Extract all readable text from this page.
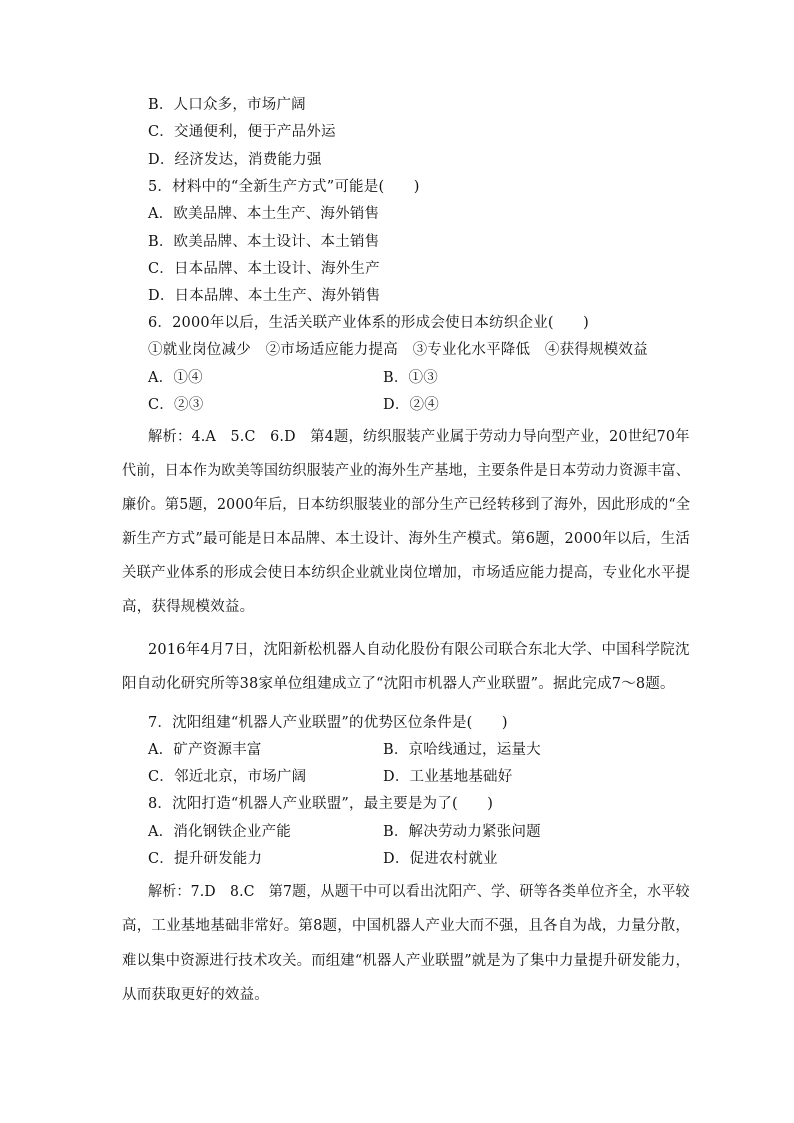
B．人口众多，市场广阔
C．交通便利，便于产品外运
D．经济发达，消费能力强
5．材料中的“全新生产方式”可能是(　　)
A．欧美品牌、本土生产、海外销售
B．欧美品牌、本土设计、本土销售
C．日本品牌、本土设计、海外生产
D．日本品牌、本土生产、海外销售
6．2000年以后，生活关联产业体系的形成会使日本纺织企业(　　)
①就业岗位减少　②市场适应能力提高　③专业化水平降低　④获得规模效益
A．①④	B．①③
C．②③	D．②④
解析：4.A　5.C　6.D　第4题，纺织服装产业属于劳动力导向型产业，20世纪70年
代前，日本作为欧美等国纺织服装产业的海外生产基地，主要条件是日本劳动力资源丰富、
廉价。第5题，2000年后，日本纺织服装业的部分生产已经转移到了海外，因此形成的“全
新生产方式”最可能是日本品牌、本土设计、海外生产模式。第6题，2000年以后，生活
关联产业体系的形成会使日本纺织企业就业岗位增加，市场适应能力提高，专业化水平提
高，获得规模效益。
2016年4月7日，沈阳新松机器人自动化股份有限公司联合东北大学、中国科学院沈
阳自动化研究所等38家单位组建成立了“沈阳市机器人产业联盟”。据此完成7～8题。
7．沈阳组建“机器人产业联盟”的优势区位条件是(　　)
A．矿产资源丰富	B．京哈线通过，运量大
C．邻近北京，市场广阔	D．工业基地基础好
8．沈阳打造“机器人产业联盟”，最主要是为了(　　)
A．消化钢铁企业产能	B．解决劳动力紧张问题
C．提升研发能力	D．促进农村就业
解析：7.D　8.C　第7题，从题干中可以看出沈阳产、学、研等各类单位齐全，水平较
高，工业基地基础非常好。第8题，中国机器人产业大而不强，且各自为战，力量分散，
难以集中资源进行技术攻关。而组建“机器人产业联盟”就是为了集中力量提升研发能力，
从而获取更好的效益。
